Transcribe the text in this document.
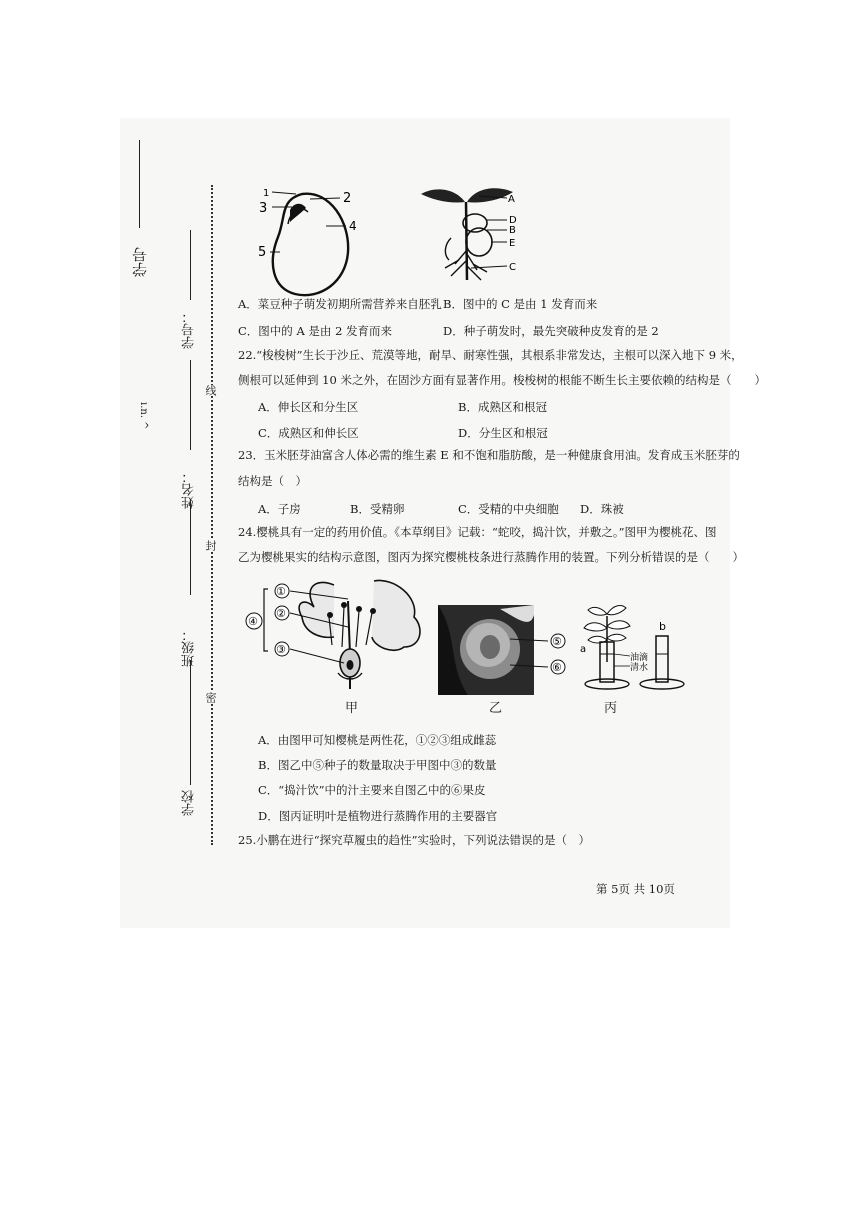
学号
ı.n. ^
学号：
姓名：
班级：
学校
线
封
密
1	2
3
4
5
A
D
B
E
C
A．菜豆种子萌发初期所需营养来自胚乳 B．图中的 C 是由 1 发育而来
C．图中的 A 是由 2 发育而来	D．种子萌发时，最先突破种皮发育的是 2
22.“梭梭树”生长于沙丘、荒漠等地，耐旱、耐寒性强，其根系非常发达，主根可以深入地下 9 米，
侧根可以延伸到 10 米之外，在固沙方面有显著作用。梭梭树的根能不断生长主要依赖的结构是（　　）
A．伸长区和分生区	B．成熟区和根冠
C．成熟区和伸长区	D．分生区和根冠
23．玉米胚芽油富含人体必需的维生素 E 和不饱和脂肪酸，是一种健康食用油。发育成玉米胚芽的
结构是（　）
A．子房	B．受精卵	C．受精的中央细胞 D．珠被
24.樱桃具有一定的药用价值。《本草纲目》记载：“蛇咬，捣汁饮，并敷之。”图甲为樱桃花、图
乙为樱桃果实的结构示意图，图丙为探究樱桃枝条进行蒸腾作用的装置。下列分析错误的是（　　）
①
②
④
③
⑤
⑥
a
b
油滴
清水
甲	乙	丙
A．由图甲可知樱桃是两性花，①②③组成雌蕊
B．图乙中⑤种子的数量取决于甲图中③的数量
C．“捣汁饮”中的汁主要来自图乙中的⑥果皮
D．图丙证明叶是植物进行蒸腾作用的主要器官
25.小鹏在进行“探究草履虫的趋性”实验时，下列说法错误的是（　）
第 5页 共 10页
